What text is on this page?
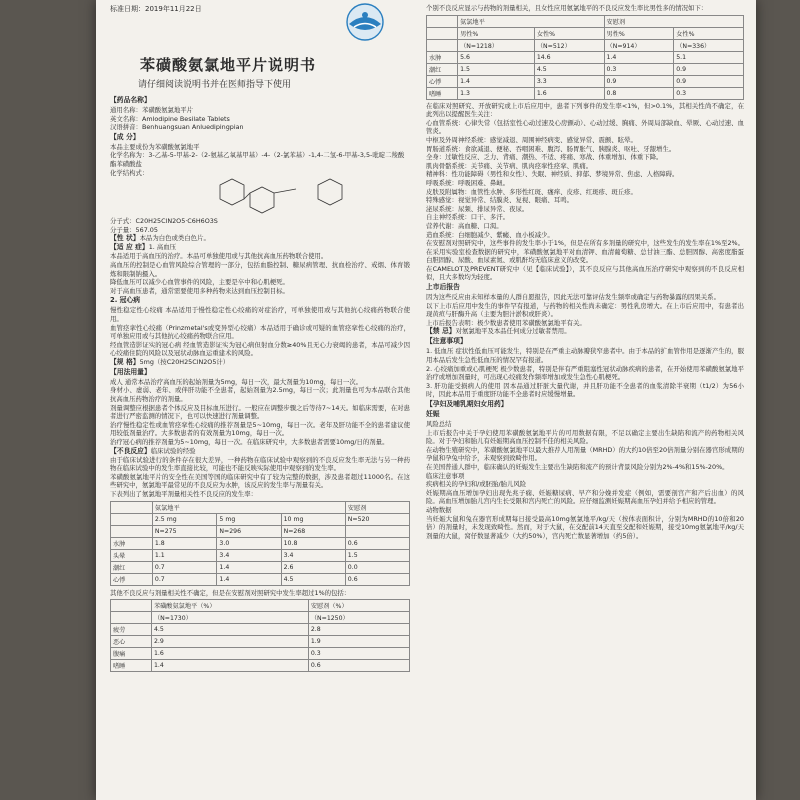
标准日期：2019年11月22日
苯磺酸氨氯地平片说明书
请仔细阅读说明书并在医师指导下使用

【药品名称】

通用名称：苯磺酸氨氯地平片

英文名称：Amlodipine Besilate Tablets

汉语拼音：Benhuangsuan Anluedipingpian

【成 分】

本品主要成份为苯磺酸氨氯地平

化学名称为：3-乙基-5-甲基-2-（2-氨基乙氧基甲基）-4-（2-氯苯基）-1,4-二氢-6-甲基-3,5-吡啶二羧酸酯苯磺酸盐

化学结构式：

分子式：C20H25ClN2O5·C6H6O3S

分子量：567.05

【性 状】本品为白色或类白色片。

【适 应 症】1. 高血压

本品适用于高血压的治疗。本品可单独使用或与其他抗高血压药物联合使用。

高血压的控制是心血管风险综合管理的一部分，包括血脂控制、糖尿病管理、抗血栓治疗、戒烟、体育锻炼和限制钠摄入。

降低血压可以减少心血管事件的风险，主要是卒中和心肌梗死。

对于高血压患者，通常需要使用多种药物来达到血压控制目标。

2. 冠心病

慢性稳定性心绞痛 本品适用于慢性稳定性心绞痛的对症治疗，可单独使用或与其他抗心绞痛药物联合使用。

血管痉挛性心绞痛（Prinzmetal's或变异型心绞痛）本品适用于确诊或可疑的血管痉挛性心绞痛的治疗，可单独应用或与其他抗心绞痛药物联合应用。

经血管造影证实的冠心病 经血管造影证实为冠心病但射血分数≥40%且无心力衰竭的患者，本品可减少因心绞痛住院的风险以及冠状动脉血运重建术的风险。

【规 格】5mg（按C20H25ClN2O5计）

【用法用量】

成人 通常本品治疗高血压的起始剂量为5mg，每日一次，最大剂量为10mg，每日一次。

身材小、虚弱、老年、或伴肝功能不全患者，起始剂量为2.5mg，每日一次；此剂量也可为本品联合其他抗高血压药物治疗的剂量。

剂量调整应根据患者个体反应及目标血压进行。一般应在调整步骤之后等待7~14天。如临床需要，在对患者进行严密监测的情况下，也可以快速进行剂量调整。

治疗慢性稳定性或血管痉挛性心绞痛的推荐剂量是5~10mg，每日一次。老年及肝功能不全的患者建议使用较低剂量治疗。大多数患者的有效剂量为10mg，每日一次。

治疗冠心病的推荐剂量为5~10mg，每日一次。在临床研究中，大多数患者需要10mg/日的剂量。

【不良反应】临床试验的经验

由于临床试验进行的条件存在很大差异，一种药物在临床试验中观察到的不良反应发生率无法与另一种药物在临床试验中的发生率直接比较，可能也不能反映实际使用中观察到的发生率。

苯磺酸氨氯地平片的安全性在美国等国的临床研究中有了较为完整的数据，涉及患者超过11000名。在这些研究中，氨氯地平最常见的不良反应为水肿，该反应的发生率与剂量有关。

下表列出了氨氯地平剂量相关性不良反应的发生率：

	氨氯地平			安慰剂
	2.5 mg	5 mg	10 mg	N=520
	N=275	N=296	N=268	
水肿	1.8	3.0	10.8	0.6
头晕	1.1	3.4	3.4	1.5
潮红	0.7	1.4	2.6	0.0
心悸	0.7	1.4	4.5	0.6

其他不良反应与剂量相关性不确定，但是在安慰剂对照研究中发生率超过1%的包括：

	苯磺酸氨氯地平（%）	安慰剂（%）
	（N=1730）	（N=1250）
疲劳	4.5	2.8
恶心	2.9	1.9
腹痛	1.6	0.3
嗜睡	1.4	0.6

个别不良反应显示与药物的剂量相关，且女性应用氨氯地平的不良反应发生率比男性多的情况如下：

	氨氯地平		安慰剂	
	男性%	女性%	男性%	女性%
	（N=1218）	（N=512）	（N=914）	（N=336）
水肿	5.6	14.6	1.4	5.1
潮红	1.5	4.5	0.3	0.9
心悸	1.4	3.3	0.9	0.9
嗜睡	1.3	1.6	0.8	0.3

在临床对照研究、开放研究或上市后应用中，患者下列事件的发生率<1%，但>0.1%，其相关性尚不确定，在此列出以提醒医生关注：

心血管系统：心律失常（包括室性心动过速及心房颤动）、心动过缓、胸痛、外周局部缺血、晕厥、心动过速、血管炎。

中枢及外周神经系统：感觉减退、周围神经病变、感觉异常、震颤、眩晕。

胃肠道系统：食欲减退、便秘、吞咽困难、腹泻、肠胃胀气、胰腺炎、呕吐、牙龈增生。

全身：过敏性反应、乏力、背痛、潮热、不适、疼痛、寒战、体重增加、体重下降。

肌肉骨骼系统：关节痛、关节病、肌肉痉挛性痉挛、肌痛。

精神科：性功能障碍（男性和女性）、失眠、神经质、抑郁、梦境异常、焦虑、人格障碍。

呼吸系统：呼吸困难、鼻衄。

皮肤及附属物：血管性水肿、多形性红斑、瘙痒、皮疹、红斑疹、斑丘疹。

特殊感觉：视觉异常、结膜炎、复视、眼痛、耳鸣。

泌尿系统：尿频、排尿异常、夜尿。

自主神经系统：口干、多汗。

营养代谢：高血糖、口渴。

造血系统：白细胞减少、紫癜、血小板减少。

在安慰剂对照研究中，这些事件的发生率小于1%，但是在所有多剂量的研究中，这些发生的发生率在1%至2%。

在采用实验室检查数据的研究中，苯磺酸氨氯地平对血清钾、血清葡萄糖、总甘油三酯、总胆固醇、高密度脂蛋白胆固醇、尿酸、血尿素氮、或肌酐均无临床意义的改变。

在CAMELOT及PREVENT研究中（见【临床试验】），其不良反应与其他高血压治疗研究中观察到的不良反应相似，且大多数均为轻度。

上市后报告

因为这些反应由未知样本量的人群自愿报告，因此无法可靠评估发生频率或确定与药物暴露的因果关系。

以下上市后应用中发生的事件罕有报道，与药物的相关性尚未确定：男性乳房增大。在上市后应用中，有患者出现黄疸与肝酶升高（主要为胆汁淤积或肝炎）。

上市后报告表明：极少数患者使用苯磺酸氨氯地平有关。

【禁 忌】对氨氯地平及本品任何成分过敏者禁用。

【注意事项】

1. 低血压 症状性低血压可能发生，特别是在严重主动脉瓣狭窄患者中。由于本品的扩血管作用是逐渐产生的，服用本品后发生急性低血压的情况罕有报道。

2. 心绞痛加重或心肌梗死 极少数患者，特别是伴有严重阻塞性冠状动脉疾病的患者，在开始使用苯磺酸氨氯地平治疗或增加剂量时，可出现心绞痛发作频率增加或发生急性心肌梗死。

3. 肝功能受损病人的使用 因本品通过肝脏大量代谢，并且肝功能不全患者的血浆清除半衰期（t1/2）为56小时，因此本品用于重度肝功能不全患者时应缓慢增量。

【孕妇及哺乳期妇女用药】

妊娠

风险总结

上市后报告中关于孕妇使用苯磺酸氨氯地平片的可用数据有限，不足以确定主要出生缺陷和流产的药物相关风险。对于孕妇和胎儿有妊娠期高血压控制不佳的相关风险。

在动物生殖研究中，苯磺酸氨氯地平以最大推荐人用剂量（MRHD）的大约10倍至20倍剂量分别在器官形成期的孕鼠和孕兔中给予，未观察到致畸作用。

在美国普通人群中，临床确认的妊娠发生主要出生缺陷和流产的预计背景风险分别为2%-4%和15%-20%。

临床注意事项

疾病相关的孕妇和/或胚胎/胎儿风险

妊娠期高血压增加孕妇出现先兆子痫、妊娠糖尿病、早产和分娩并发症（例如，需要剖宫产和产后出血）的风险。高血压增加胎儿宫内生长受限和宫内死亡的风险。应仔细监测妊娠期高血压孕妇并给予相应的管理。

动物数据

当妊娠大鼠和兔在器官形成期每日接受最高10mg氨氯地平/kg/天（按体表面积计，分别为MRHD的10倍和20倍）的剂量时，未发现致畸性。然而，对于大鼠，在交配前14天直至交配和妊娠期，接受10mg氨氯地平/kg/天剂量的大鼠，窝仔数显著减少（大约50%），宫内死亡数显著增加（约5倍）。
